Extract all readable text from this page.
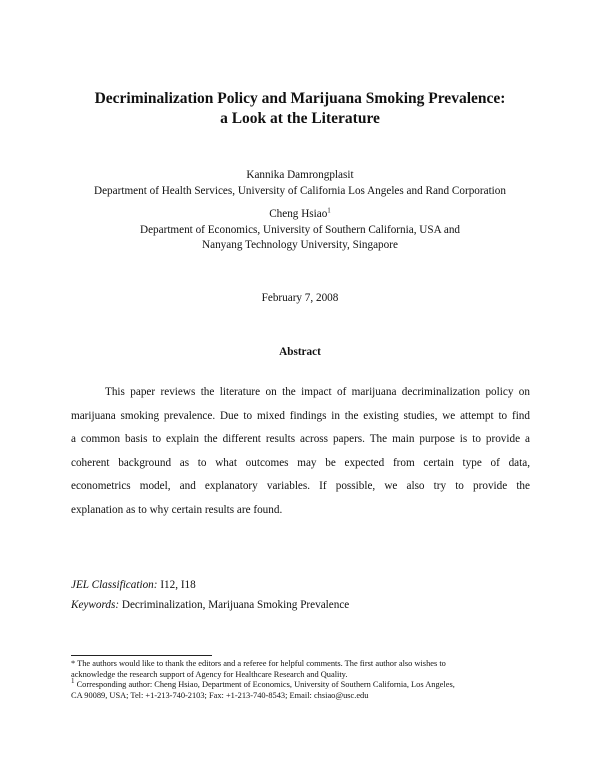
Decriminalization Policy and Marijuana Smoking Prevalence:
a Look at the Literature
Kannika Damrongplasit
Department of Health Services, University of California Los Angeles and Rand Corporation
Cheng Hsiao$^1$
Department of Economics, University of Southern California, USA and
Nanyang Technology University, Singapore
February 7, 2008
Abstract
This paper reviews the literature on the impact of marijuana decriminalization policy on
marijuana smoking prevalence. Due to mixed findings in the existing studies, we attempt to find
a common basis to explain the different results across papers. The main purpose is to provide a
coherent background as to what outcomes may be expected from certain type of data,
econometrics model, and explanatory variables. If possible, we also try to provide the
explanation as to why certain results are found.
JEL Classification: I12, I18
Keywords: Decriminalization, Marijuana Smoking Prevalence
* The authors would like to thank the editors and a referee for helpful comments. The first author also wishes to
acknowledge the research support of Agency for Healthcare Research and Quality.
$^1$ Corresponding author: Cheng Hsiao, Department of Economics, University of Southern California, Los Angeles,
CA 90089, USA; Tel: +1-213-740-2103; Fax: +1-213-740-8543; Email: chsiao@usc.edu
